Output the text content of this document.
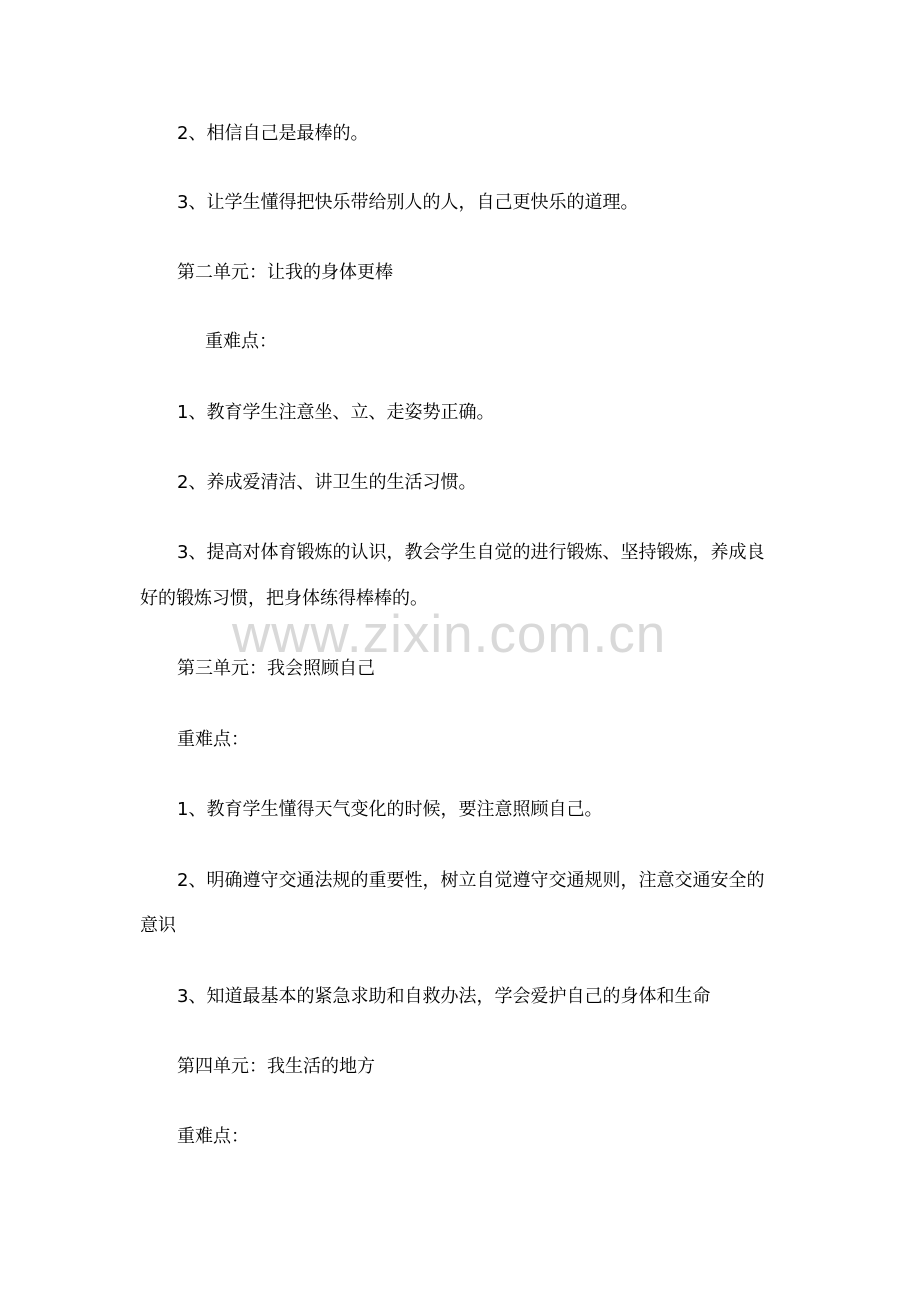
www.zixin.com.cn
2、相信自己是最棒的。
3、让学生懂得把快乐带给别人的人，自己更快乐的道理。
第二单元：让我的身体更棒
重难点：
1、教育学生注意坐、立、走姿势正确。
2、养成爱清洁、讲卫生的生活习惯。
3、提高对体育锻炼的认识，教会学生自觉的进行锻炼、坚持锻炼，养成良
好的锻炼习惯，把身体练得棒棒的。
第三单元：我会照顾自己
重难点：
1、教育学生懂得天气变化的时候，要注意照顾自己。
2、明确遵守交通法规的重要性，树立自觉遵守交通规则，注意交通安全的
意识
3、知道最基本的紧急求助和自救办法，学会爱护自己的身体和生命
第四单元：我生活的地方
重难点：
